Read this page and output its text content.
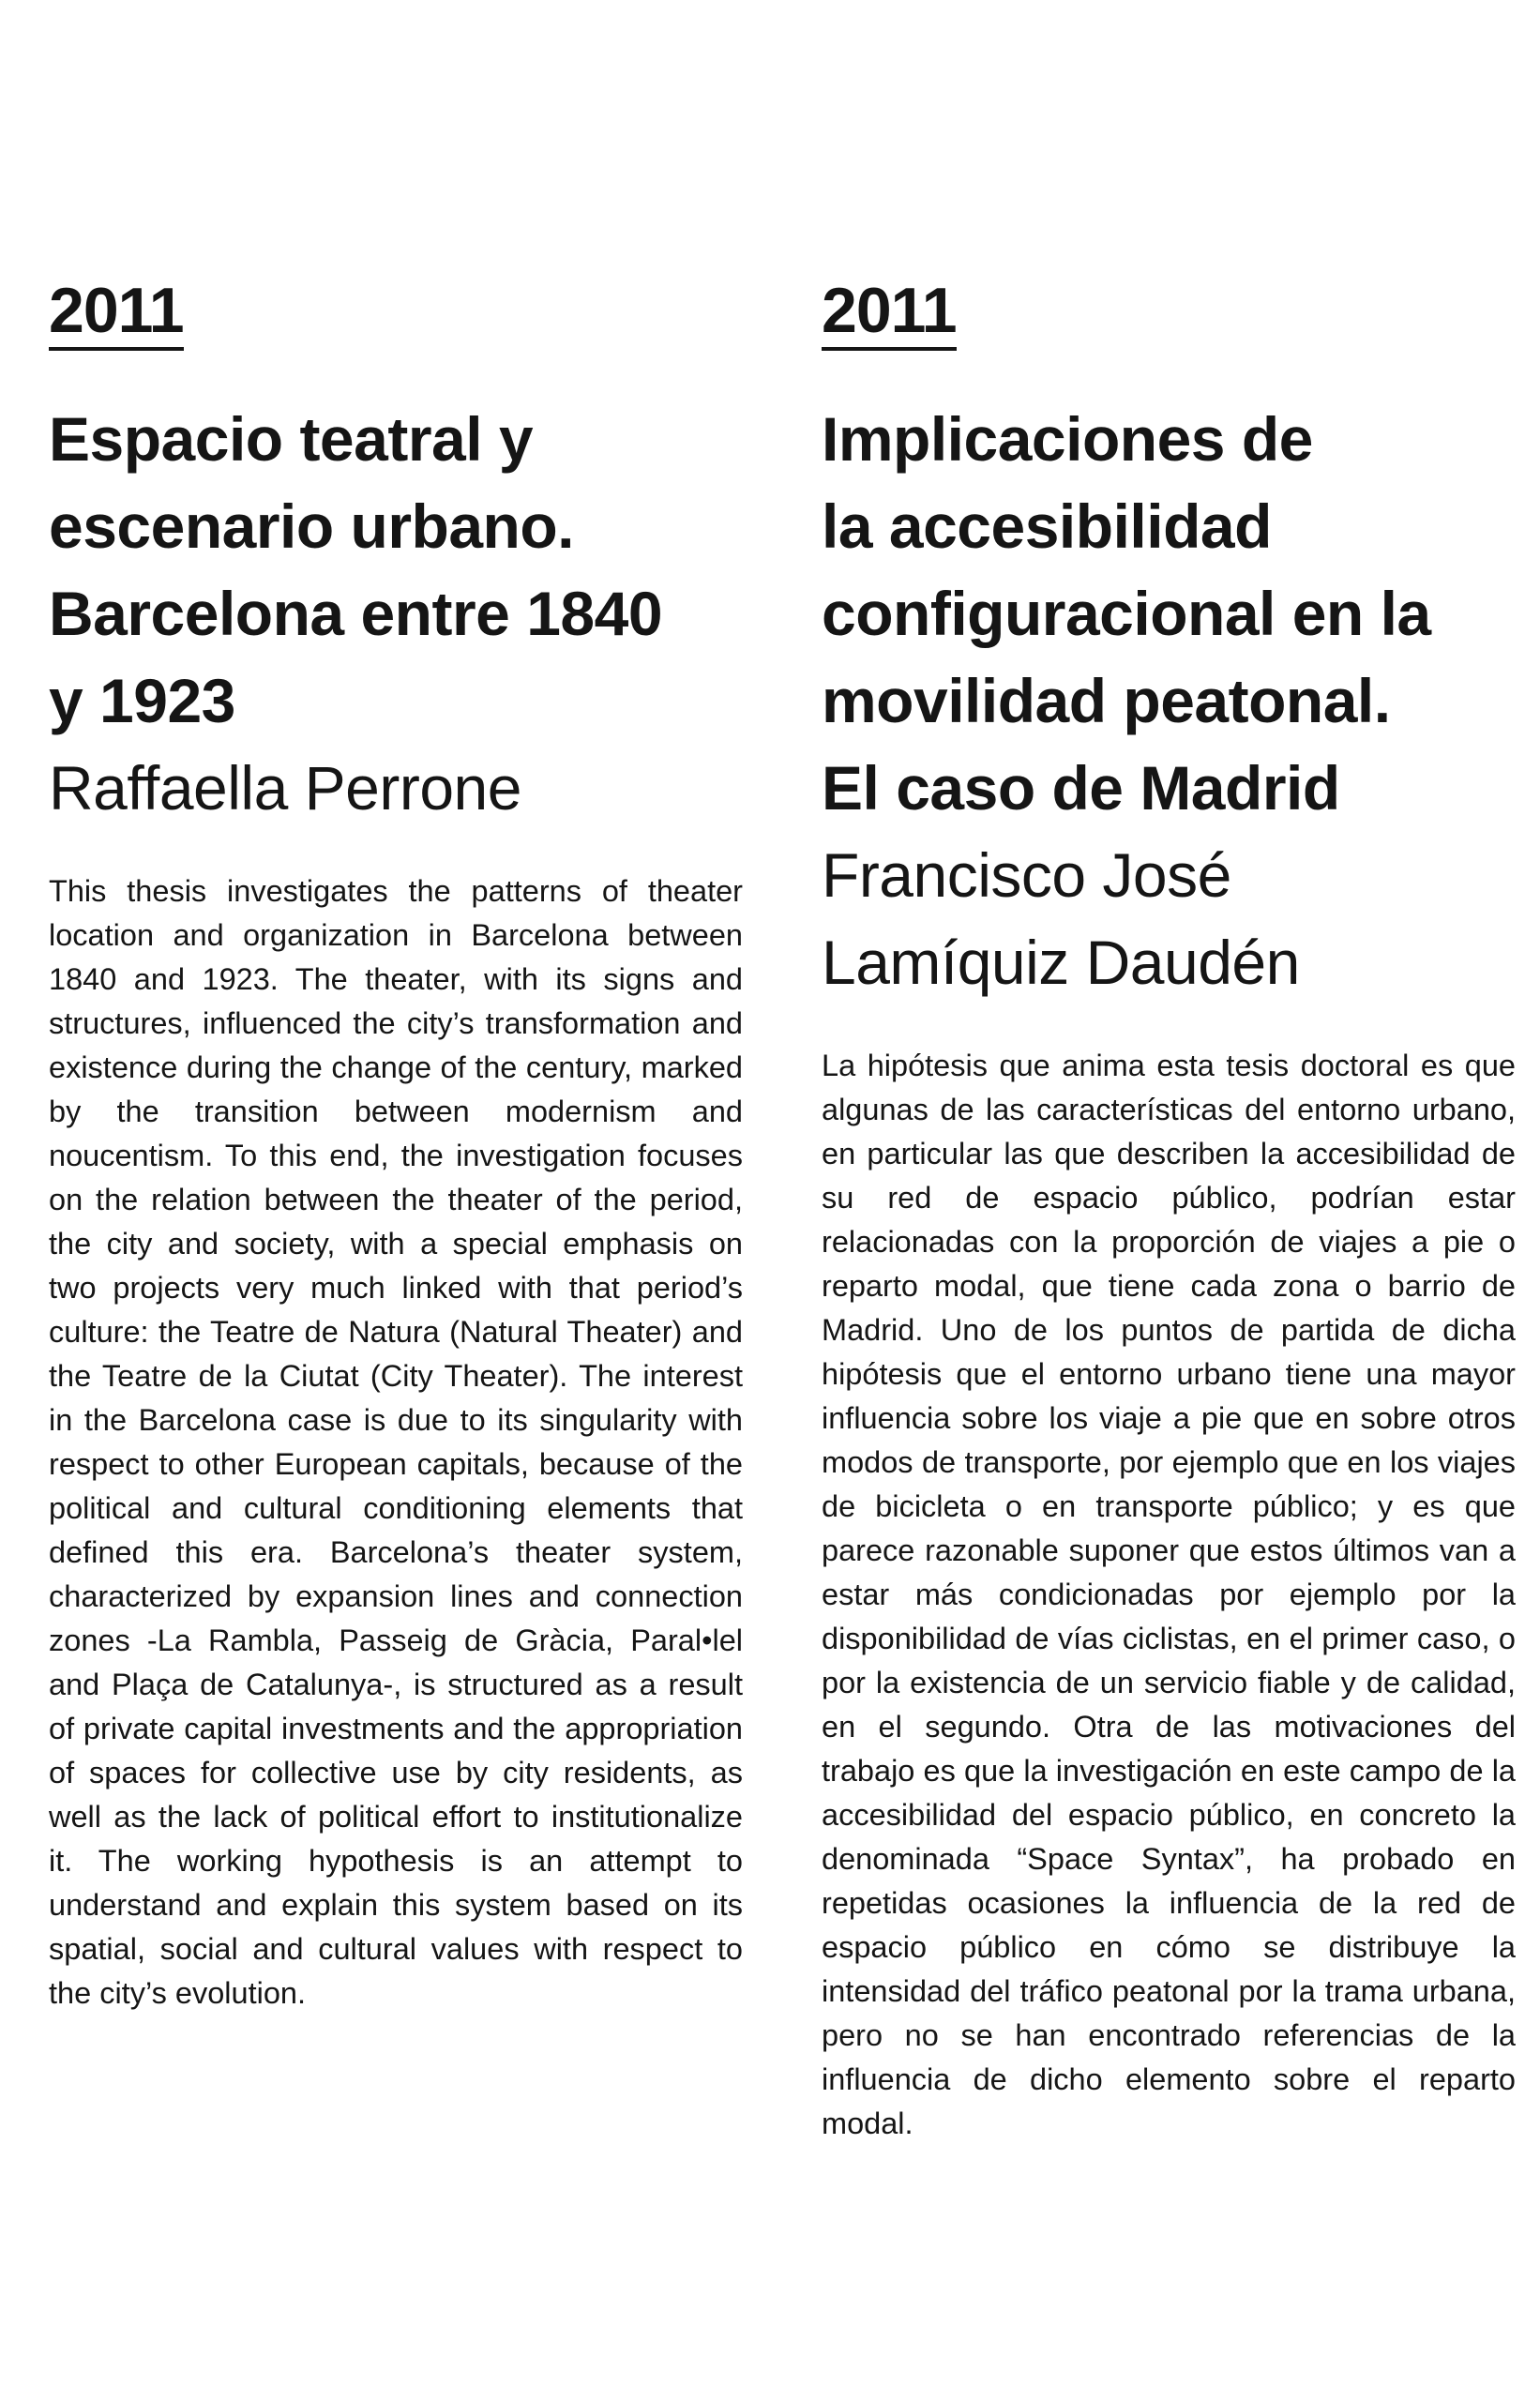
2011
Espacio teatral y
escenario urbano.
Barcelona entre 1840
y 1923
Raffaella Perrone

This thesis investigates the patterns of theater location and organization in Barcelona between 1840 and 1923. The theater, with its signs and structures, influenced the city’s transformation and existence during the change of the century, marked by the transition between modernism and noucentism. To this end, the investigation focuses on the relation between the theater of the period, the city and society, with a special emphasis on two projects very much linked with that period’s culture: the Teatre de Natura (Natural Theater) and the Teatre de la Ciutat (City Theater). The interest in the Barcelona case is due to its singularity with respect to other European capitals, because of the political and cultural conditioning elements that defined this era. Barcelona’s theater system, characterized by expansion lines and connection zones -La Rambla, Passeig de Gràcia, Paral•lel and Plaça de Catalunya-, is structured as a result of private capital investments and the appropriation of spaces for collective use by city residents, as well as the lack of political effort to institutionalize it. The working hypothesis is an attempt to understand and explain this system based on its spatial, social and cultural values with respect to the city’s evolution.

2011
Implicaciones de
la accesibilidad
configuracional en la
movilidad peatonal.
El caso de Madrid
Francisco José
Lamíquiz Daudén

La hipótesis que anima esta tesis doctoral es que algunas de las características del entorno urbano, en particular las que describen la accesibilidad de su red de espacio público, podrían estar relacionadas con la proporción de viajes a pie o reparto modal, que tiene cada zona o barrio de Madrid. Uno de los puntos de partida de dicha hipótesis que el entorno urbano tiene una mayor influencia sobre los viaje a pie que en sobre otros modos de transporte, por ejemplo que en los viajes de bicicleta o en transporte público; y es que parece razonable suponer que estos últimos van a estar más condicionadas por ejemplo por la disponibilidad de vías ciclistas, en el primer caso, o por la existencia de un servicio fiable y de calidad, en el segundo. Otra de las motivaciones del trabajo es que la investigación en este campo de la accesibilidad del espacio público, en concreto la denominada “Space Syntax”, ha probado en repetidas ocasiones la influencia de la red de espacio público en cómo se distribuye la intensidad del tráfico peatonal por la trama urbana, pero no se han encontrado referencias de la influencia de dicho elemento sobre el reparto modal.
